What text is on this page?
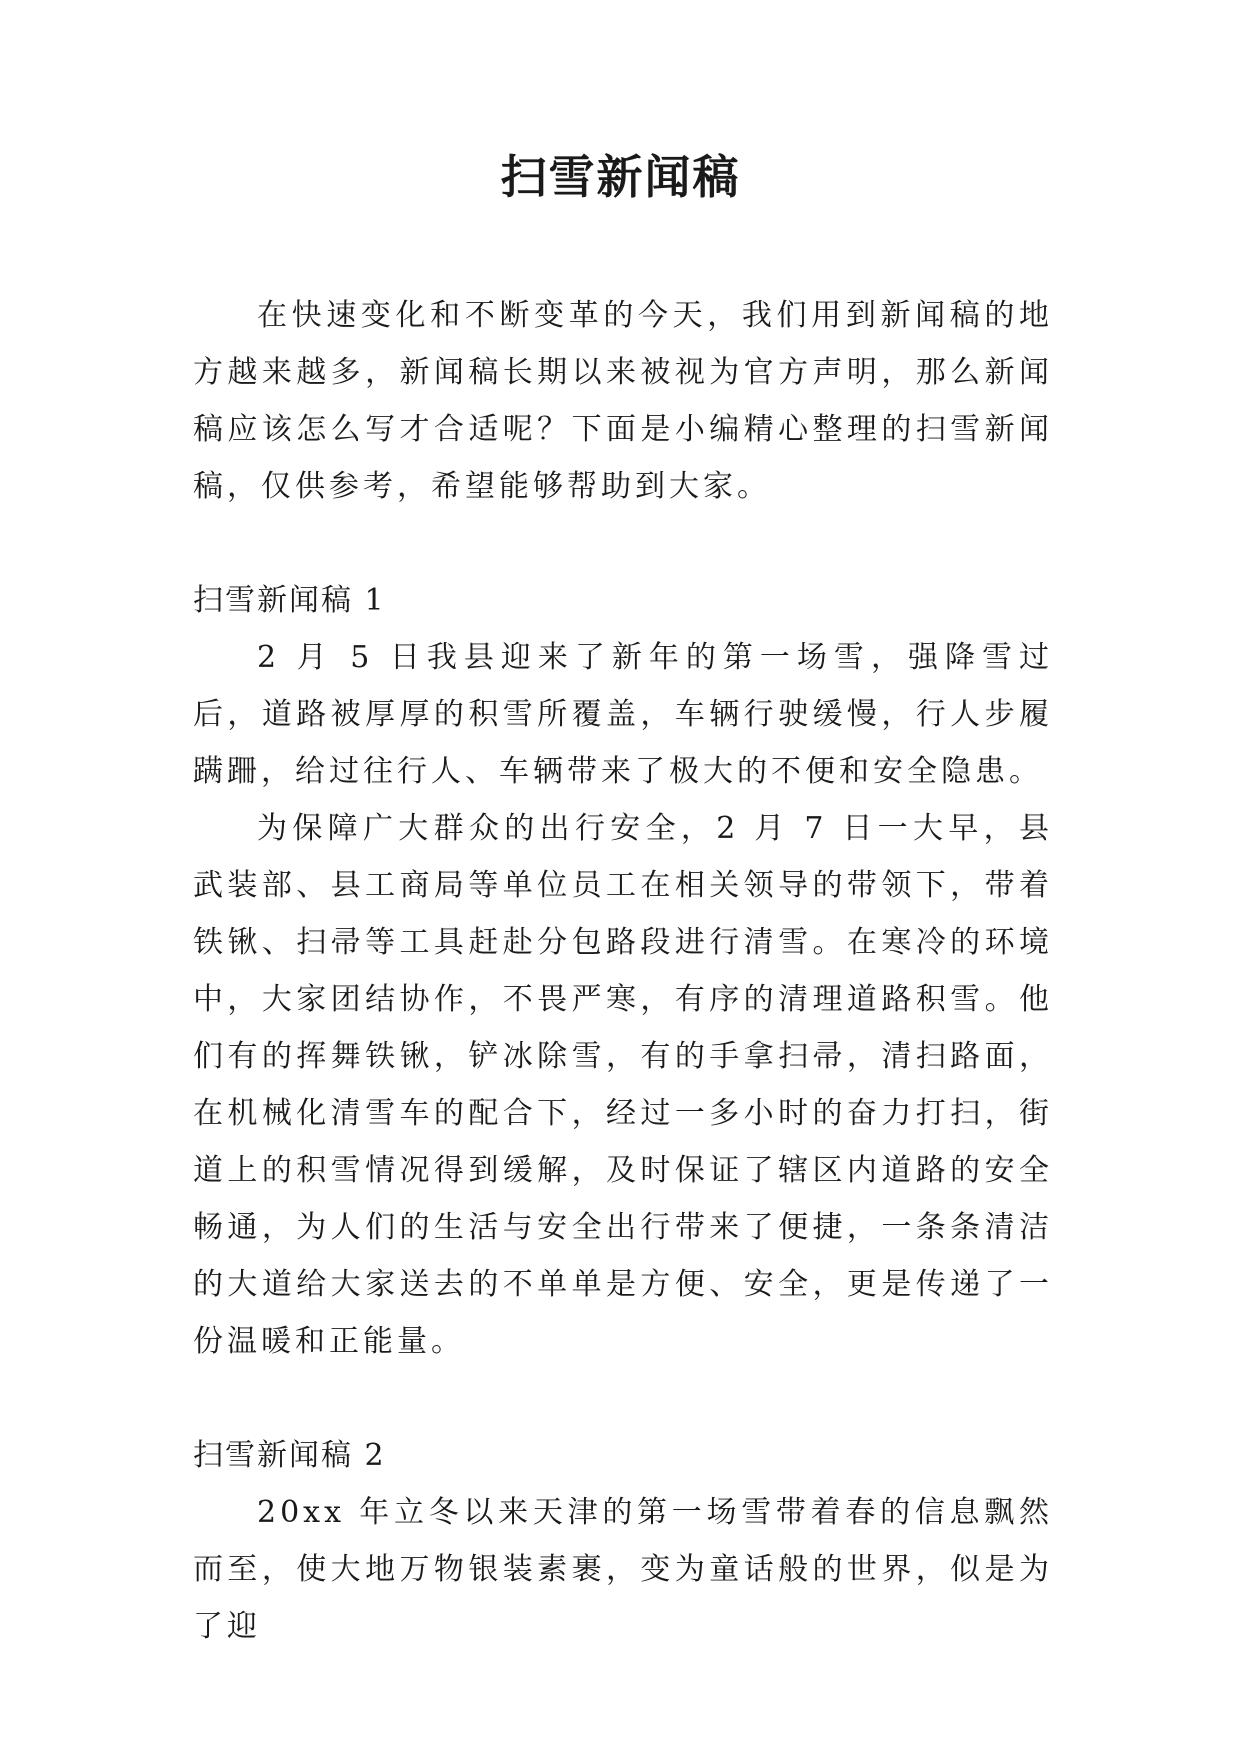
扫雪新闻稿

在快速变化和不断变革的今天，我们用到新闻稿的地方越来越多，新闻稿长期以来被视为官方声明，那么新闻稿应该怎么写才合适呢？下面是小编精心整理的扫雪新闻稿，仅供参考，希望能够帮助到大家。

扫雪新闻稿 1

2 月 5 日我县迎来了新年的第一场雪，强降雪过后，道路被厚厚的积雪所覆盖，车辆行驶缓慢，行人步履蹒跚，给过往行人、车辆带来了极大的不便和安全隐患。

为保障广大群众的出行安全，2 月 7 日一大早，县武装部、县工商局等单位员工在相关领导的带领下，带着铁锹、扫帚等工具赶赴分包路段进行清雪。在寒冷的环境中，大家团结协作，不畏严寒，有序的清理道路积雪。他们有的挥舞铁锹，铲冰除雪，有的手拿扫帚，清扫路面，在机械化清雪车的配合下，经过一多小时的奋力打扫，街道上的积雪情况得到缓解，及时保证了辖区内道路的安全畅通，为人们的生活与安全出行带来了便捷，一条条清洁的大道给大家送去的不单单是方便、安全，更是传递了一份温暖和正能量。

扫雪新闻稿 2

20xx 年立冬以来天津的第一场雪带着春的信息飘然而至，使大地万物银装素裹，变为童话般的世界，似是为了迎
